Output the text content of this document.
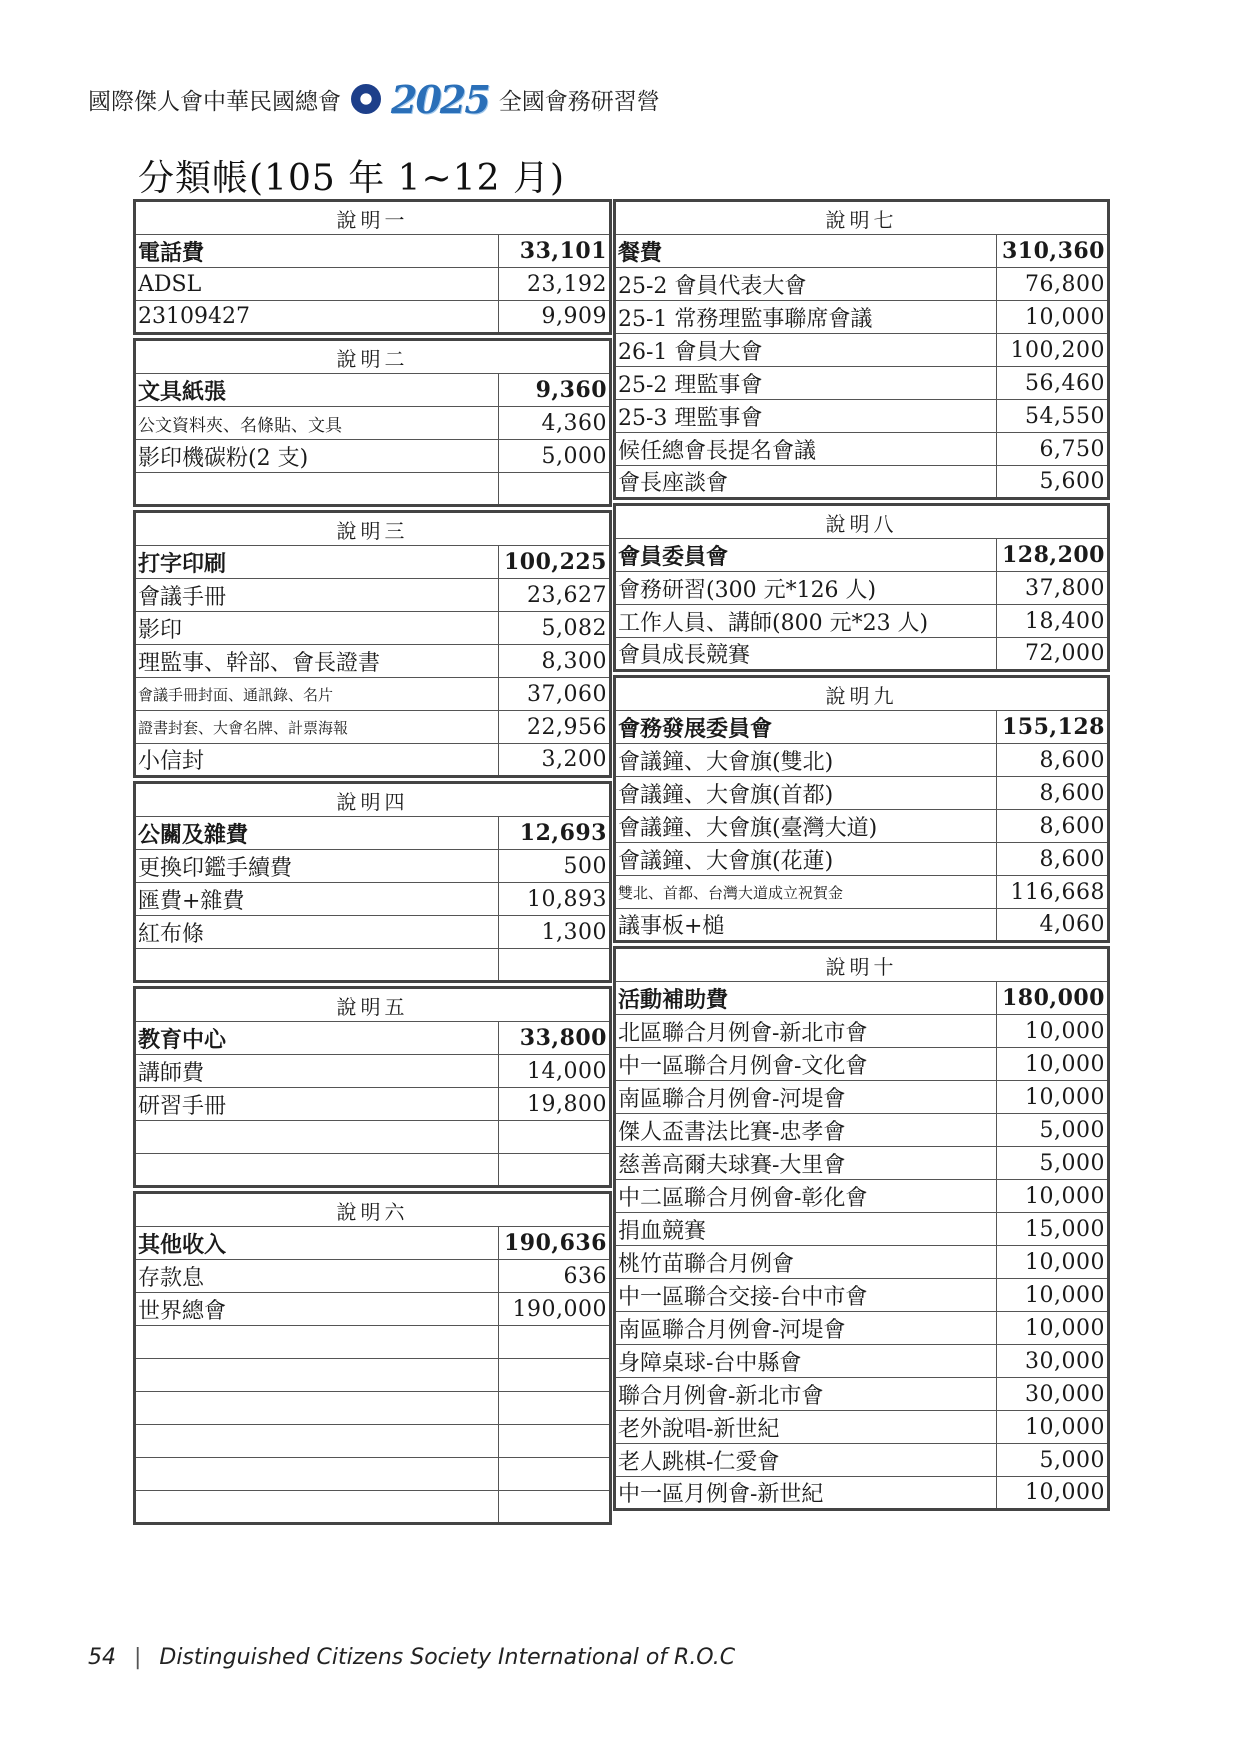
國際傑人會中華民國總會 2025 全國會務研習營
分類帳(105 年 1~12 月)
說明一	
電話費	33,101
ADSL	23,192
23109427	9,909
說明二	
文具紙張	9,360
公文資料夾、名條貼、文具	4,360
影印機碳粉(2 支)	5,000

說明三	
打字印刷	100,225
會議手冊	23,627
影印	5,082
理監事、幹部、會長證書	8,300
會議手冊封面、通訊錄、名片	37,060
證書封套、大會名牌、計票海報	22,956
小信封	3,200
說明四	
公關及雜費	12,693
更換印鑑手續費	500
匯費+雜費	10,893
紅布條	1,300

說明五	
教育中心	33,800
講師費	14,000
研習手冊	19,800

說明六	
其他收入	190,636
存款息	636
世界總會	190,000

說明七	
餐費	310,360
25-2 會員代表大會	76,800
25-1 常務理監事聯席會議	10,000
26-1 會員大會	100,200
25-2 理監事會	56,460
25-3 理監事會	54,550
候任總會長提名會議	6,750
會長座談會	5,600
說明八	
會員委員會	128,200
會務研習(300 元*126 人)	37,800
工作人員、講師(800 元*23 人)	18,400
會員成長競賽	72,000
說明九	
會務發展委員會	155,128
會議鐘、大會旗(雙北)	8,600
會議鐘、大會旗(首都)	8,600
會議鐘、大會旗(臺灣大道)	8,600
會議鐘、大會旗(花蓮)	8,600
雙北、首都、台灣大道成立祝賀金	116,668
議事板+槌	4,060
說明十	
活動補助費	180,000
北區聯合月例會-新北市會	10,000
中一區聯合月例會-文化會	10,000
南區聯合月例會-河堤會	10,000
傑人盃書法比賽-忠孝會	5,000
慈善高爾夫球賽-大里會	5,000
中二區聯合月例會-彰化會	10,000
捐血競賽	15,000
桃竹苗聯合月例會	10,000
中一區聯合交接-台中市會	10,000
南區聯合月例會-河堤會	10,000
身障桌球-台中縣會	30,000
聯合月例會-新北市會	30,000
老外說唱-新世紀	10,000
老人跳棋-仁愛會	5,000
中一區月例會-新世紀	10,000
54 | Distinguished Citizens Society International of R.O.C
